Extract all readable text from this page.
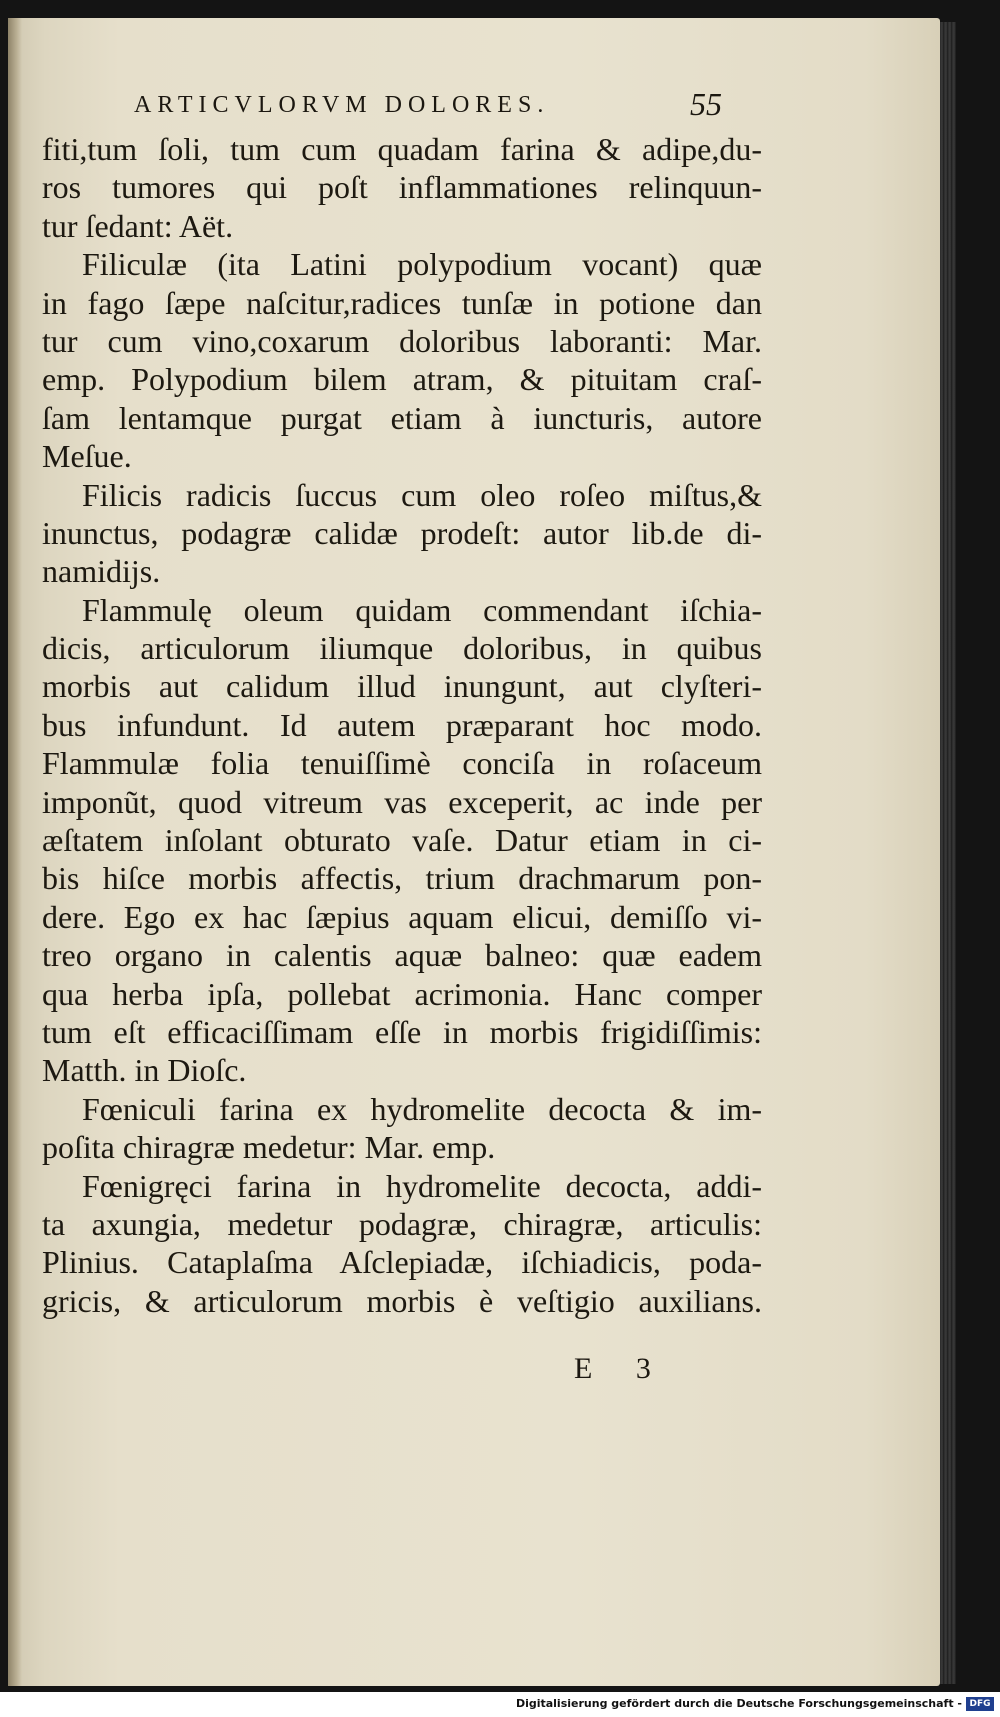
ARTICVLORVM DOLORES.	55
fiti,tum ſoli, tum cum quadam farina & adipe,du-
ros tumores qui poſt inflammationes relinquun-
tur ſedant: Aët.
Filiculæ (ita Latini polypodium vocant) quæ
in fago ſæpe naſcitur,radices tunſæ in potione dan
tur cum vino,coxarum doloribus laboranti: Mar.
emp. Polypodium bilem atram, & pituitam craſ-
ſam lentamque purgat etiam à iuncturis, autore
Meſue.
Filicis radicis ſuccus cum oleo roſeo miſtus,&
inunctus, podagræ calidæ prodeſt: autor lib.de di-
namidijs.
Flammulę oleum quidam commendant iſchia-
dicis, articulorum iliumque doloribus, in quibus
morbis aut calidum illud inungunt, aut clyſteri-
bus infundunt. Id autem præparant hoc modo.
Flammulæ folia tenuiſſimè conciſa in roſaceum
imponũt, quod vitreum vas exceperit, ac inde per
æſtatem inſolant obturato vaſe. Datur etiam in ci-
bis hiſce morbis affectis, trium drachmarum pon-
dere. Ego ex hac ſæpius aquam elicui, demiſſo vi-
treo organo in calentis aquæ balneo: quæ eadem
qua herba ipſa, pollebat acrimonia. Hanc comper
tum eſt efficaciſſimam eſſe in morbis frigidiſſimis:
Matth. in Dioſc.
Fœniculi farina ex hydromelite decocta & im-
poſita chiragræ medetur: Mar. emp.
Fœnigręci farina in hydromelite decocta, addi-
ta axungia, medetur podagræ, chiragræ, articulis:
Plinius. Cataplaſma Aſclepiadæ, iſchiadicis, poda-
gricis, & articulorum morbis è veſtigio auxilians.
E 3
Digitalisierung gefördert durch die Deutsche Forschungsgemeinschaft - DFG
